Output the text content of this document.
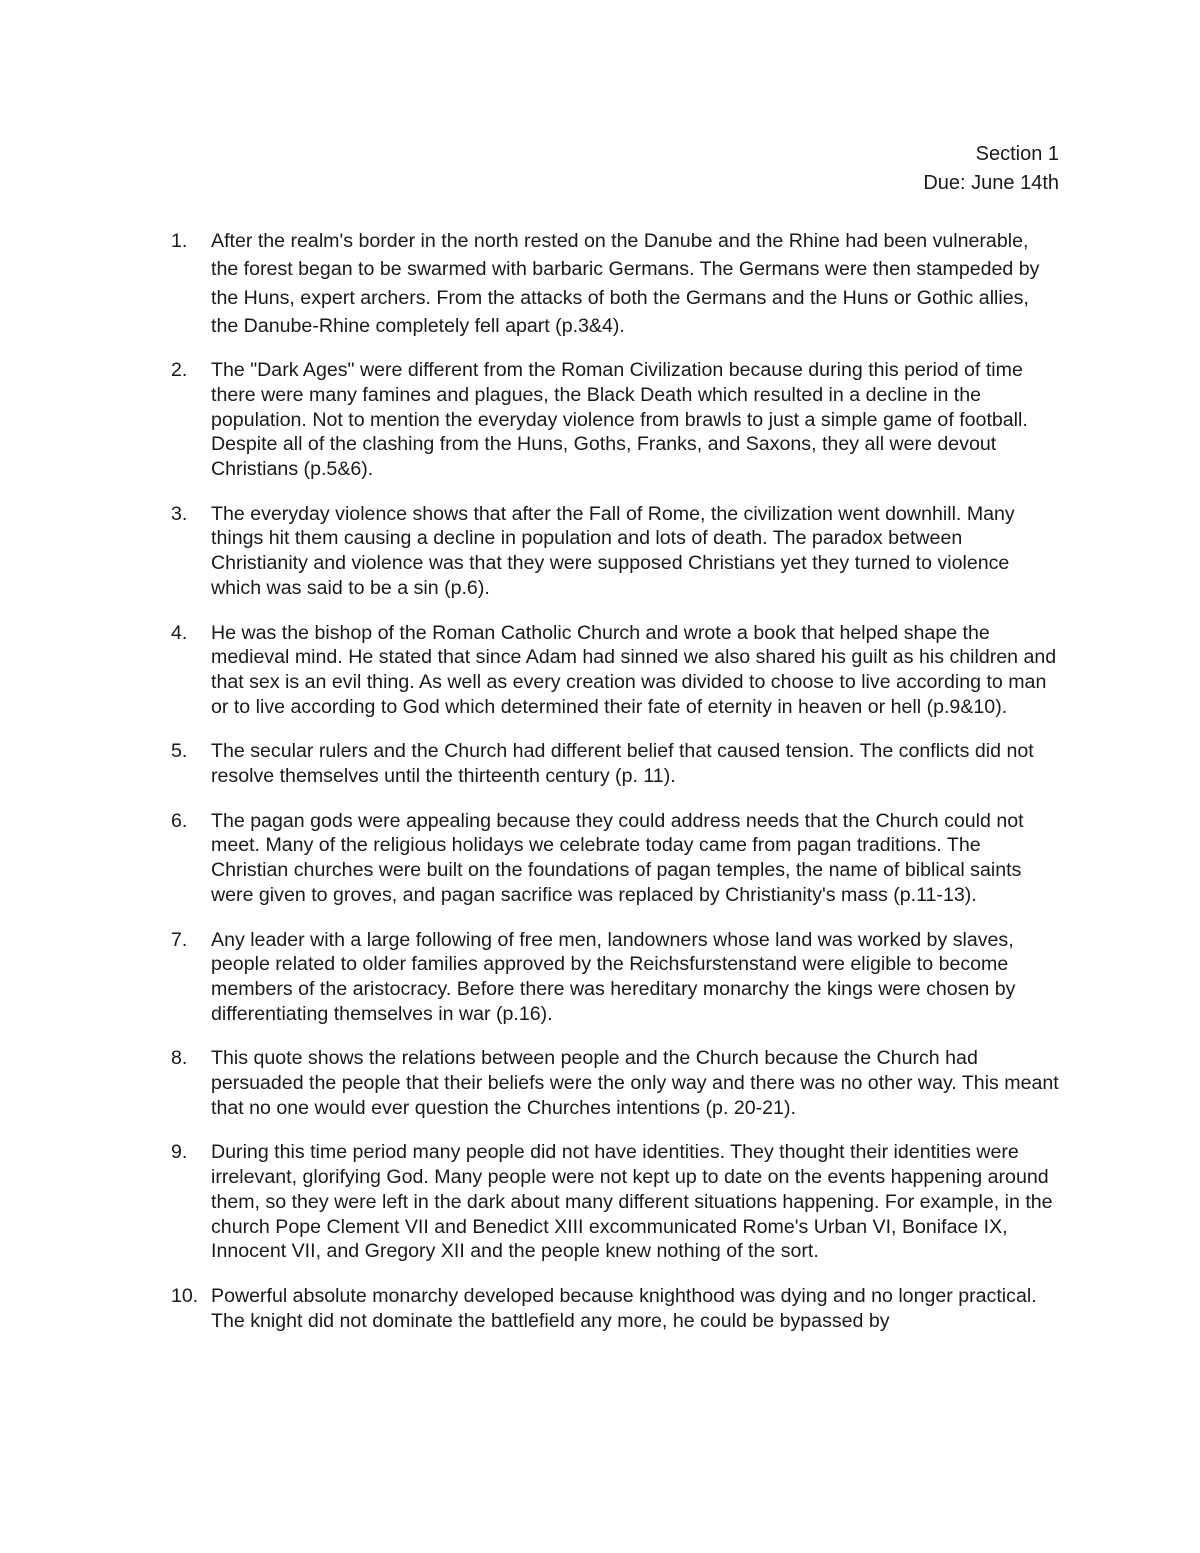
Section 1
Due: June 14th
1.	After the realm's border in the north rested on the Danube and the Rhine had been vulnerable, the forest began to be swarmed with barbaric Germans. The Germans were then stampeded by the Huns, expert archers. From the attacks of both the Germans and the Huns or Gothic allies, the Danube-Rhine completely fell apart (p.3&4).
2.	The "Dark Ages" were different from the Roman Civilization because during this period of time there were many famines and plagues, the Black Death which resulted in a decline in the population. Not to mention the everyday violence from brawls to just a simple game of football. Despite all of the clashing from the Huns, Goths, Franks, and Saxons, they all were devout Christians (p.5&6).
3.	The everyday violence shows that after the Fall of Rome, the civilization went downhill. Many things hit them causing a decline in population and lots of death. The paradox between Christianity and violence was that they were supposed Christians yet they turned to violence which was said to be a sin (p.6).
4.	He was the bishop of the Roman Catholic Church and wrote a book that helped shape the medieval mind. He stated that since Adam had sinned we also shared his guilt as his children and that sex is an evil thing. As well as every creation was divided to choose to live according to man or to live according to God which determined their fate of eternity in heaven or hell (p.9&10).
5.	The secular rulers and the Church had different belief that caused tension. The conflicts did not resolve themselves until the thirteenth century (p. 11).
6.	The pagan gods were appealing because they could address needs that the Church could not meet. Many of the religious holidays we celebrate today came from pagan traditions. The Christian churches were built on the foundations of pagan temples, the name of biblical saints were given to groves, and pagan sacrifice was replaced by Christianity's mass (p.11-13).
7.	Any leader with a large following of free men, landowners whose land was worked by slaves, people related to older families approved by the Reichsfurstenstand were eligible to become members of the aristocracy. Before there was hereditary monarchy the kings were chosen by differentiating themselves in war (p.16).
8.	This quote shows the relations between people and the Church because the Church had persuaded the people that their beliefs were the only way and there was no other way. This meant that no one would ever question the Churches intentions (p. 20-21).
9.	During this time period many people did not have identities. They thought their identities were irrelevant, glorifying God. Many people were not kept up to date on the events happening around them, so they were left in the dark about many different situations happening. For example, in the church Pope Clement VII and Benedict XIII excommunicated Rome's Urban VI, Boniface IX, Innocent VII, and Gregory XII and the people knew nothing of the sort.
10. Powerful absolute monarchy developed because knighthood was dying and no longer practical. The knight did not dominate the battlefield any more, he could be bypassed by
